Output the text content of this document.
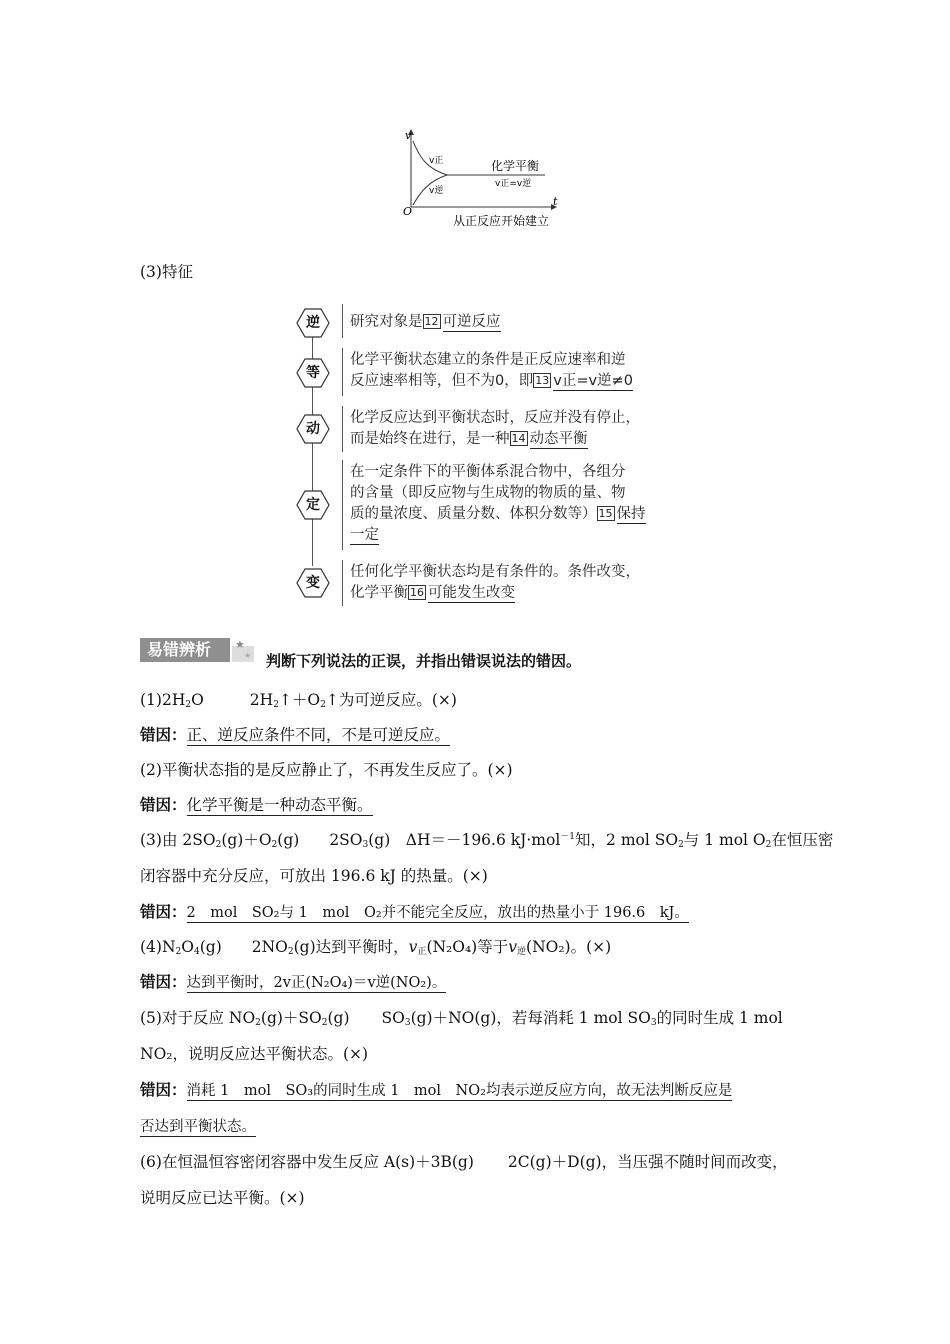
v
t
O
v正
v逆
化学平衡
v正=v逆
从正反应开始建立
(3)特征
逆
等
动
定
变
研究对象是 12 可逆反应
化学平衡状态建立的条件是正反应速率和逆
反应速率相等，但不为0，即 13 v正=v逆≠0
化学反应达到平衡状态时，反应并没有停止，
而是始终在进行，是一种 14 动态平衡
在一定条件下的平衡体系混合物中，各组分
的含量（即反应物与生成物的物质的量、物
质的量浓度、质量分数、体积分数等） 15 保持
一定
任何化学平衡状态均是有条件的。条件改变，
化学平衡 16 可能发生改变
易错辨析 ★
★ 判断下列说法的正误，并指出错误说法的错因。
$(1)2H_2O$	$2H_2↑+O_2↑$为可逆反应。(×)
错因：正、逆反应条件不同，不是可逆反应。
(2)平衡状态指的是反应静止了，不再发生反应了。(×)
错因：化学平衡是一种动态平衡。
(3)由 $2SO_2(g)+O_2(g)$ $2SO_3(g)$　ΔH＝－196.6 kJ·mol$^{-1}$知，2 mol $SO_2$与 1 mol $O_2$在恒压密
闭容器中充分反应，可放出 196.6 kJ 的热量。(×)
错因：2　mol　SO₂与 1　mol　O₂并不能完全反应，放出的热量小于 196.6　kJ。
$(4)N_2O_4(g)$ $2NO_2(g)$达到平衡时，$v_正(N_2O_4)$等于$v_逆(NO_2)$。(×)
错因：达到平衡时，2v正(N₂O₄)＝v逆(NO₂)。
(5)对于反应 $NO_2(g)+SO_2(g)$ $SO_3(g)+NO(g)$，若每消耗 1 mol $SO_3$的同时生成 1 mol
NO₂，说明反应达平衡状态。(×)
错因：消耗 1　mol　SO₃的同时生成 1　mol　NO₂均表示逆反应方向，故无法判断反应是
否达到平衡状态。
(6)在恒温恒容密闭容器中发生反应 A(s)＋3B(g) 2C(g)＋D(g)，当压强不随时间而改变，
说明反应已达平衡。(×)
